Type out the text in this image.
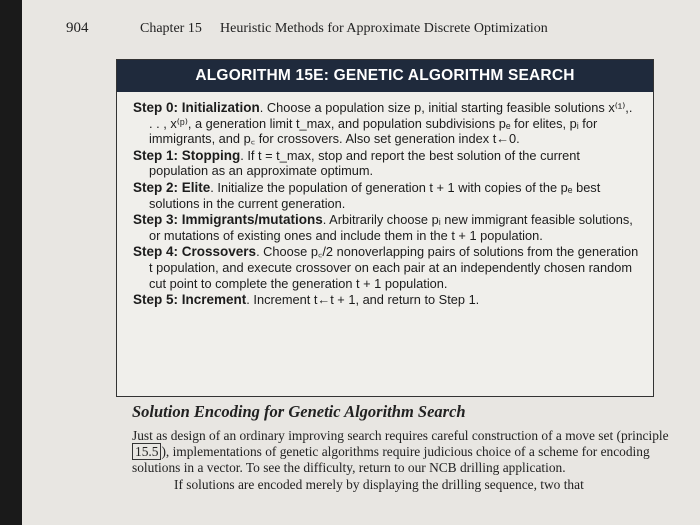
904	Chapter 15 Heuristic Methods for Approximate Discrete Optimization
ALGORITHM 15E: GENETIC ALGORITHM SEARCH
Step 0: Initialization. Choose a population size p, initial starting feasible solutions x⁽¹⁾,. . . , x⁽ᵖ⁾, a generation limit t_max, and population subdivisions pₑ for elites, pᵢ for immigrants, and p꜀ for crossovers. Also set generation index t←0.
Step 1: Stopping. If t = t_max, stop and report the best solution of the current population as an approximate optimum.
Step 2: Elite. Initialize the population of generation t + 1 with copies of the pₑ best solutions in the current generation.
Step 3: Immigrants/mutations. Arbitrarily choose pᵢ new immigrant feasible solutions, or mutations of existing ones and include them in the t + 1 population.
Step 4: Crossovers. Choose p꜀/2 nonoverlapping pairs of solutions from the generation t population, and execute crossover on each pair at an independently chosen random cut point to complete the generation t + 1 population.
Step 5: Increment. Increment t←t + 1, and return to Step 1.
Solution Encoding for Genetic Algorithm Search

Just as design of an ordinary improving search requires careful construction of a move set (principle 15.5 ), implementations of genetic algorithms require judicious choice of a scheme for encoding solutions in a vector. To see the difficulty, return to our NCB drilling application.

If solutions are encoded merely by displaying the drilling sequence, two that
